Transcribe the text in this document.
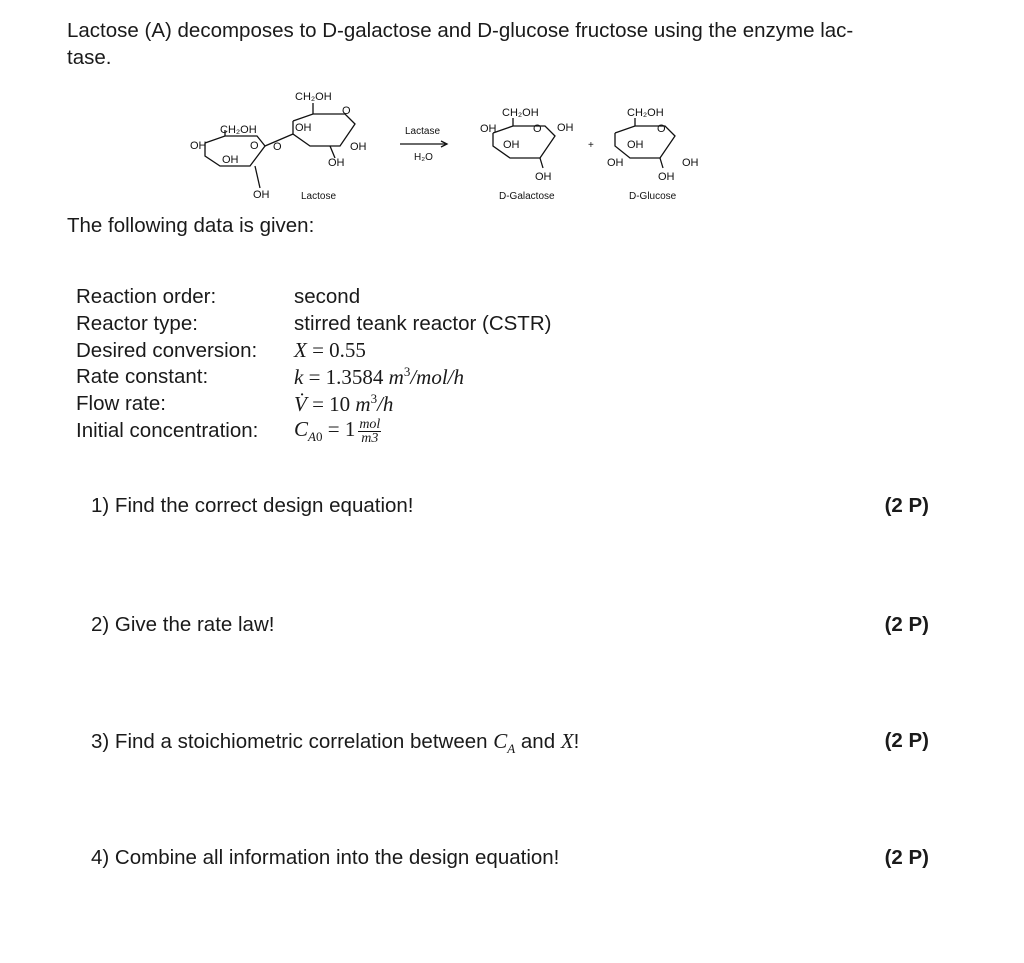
Lactose (A) decomposes to D-galactose and D-glucose fructose using the enzyme lac-
tase.
CH₂OH
OH	O O
OH
OH
CH₂OH
O
OH
OH
OH
Lactose
Lactase
H₂O
CH₂OH
OH	O OH
OH
OH
D-Galactose
+
CH₂OH
O
OH
OH	OH
OH
D-Glucose
The following data is given:
Reaction order:	second
Reactor type:	stirred teank reactor (CSTR)
Desired conversion:	X = 0.55
Rate constant:	k = 1.3584 $m^3/mol/h$
Flow rate:	V̇ = 10 $m^3/h$
Initial concentration:	$C_{A0} = 1 \frac{\text{mol}}{m3}$
1) Find the correct design equation!	(2 P)
2) Give the rate law!	(2 P)
3) Find a stoichiometric correlation between $C_A$ and X!	(2 P)
4) Combine all information into the design equation!	(2 P)
